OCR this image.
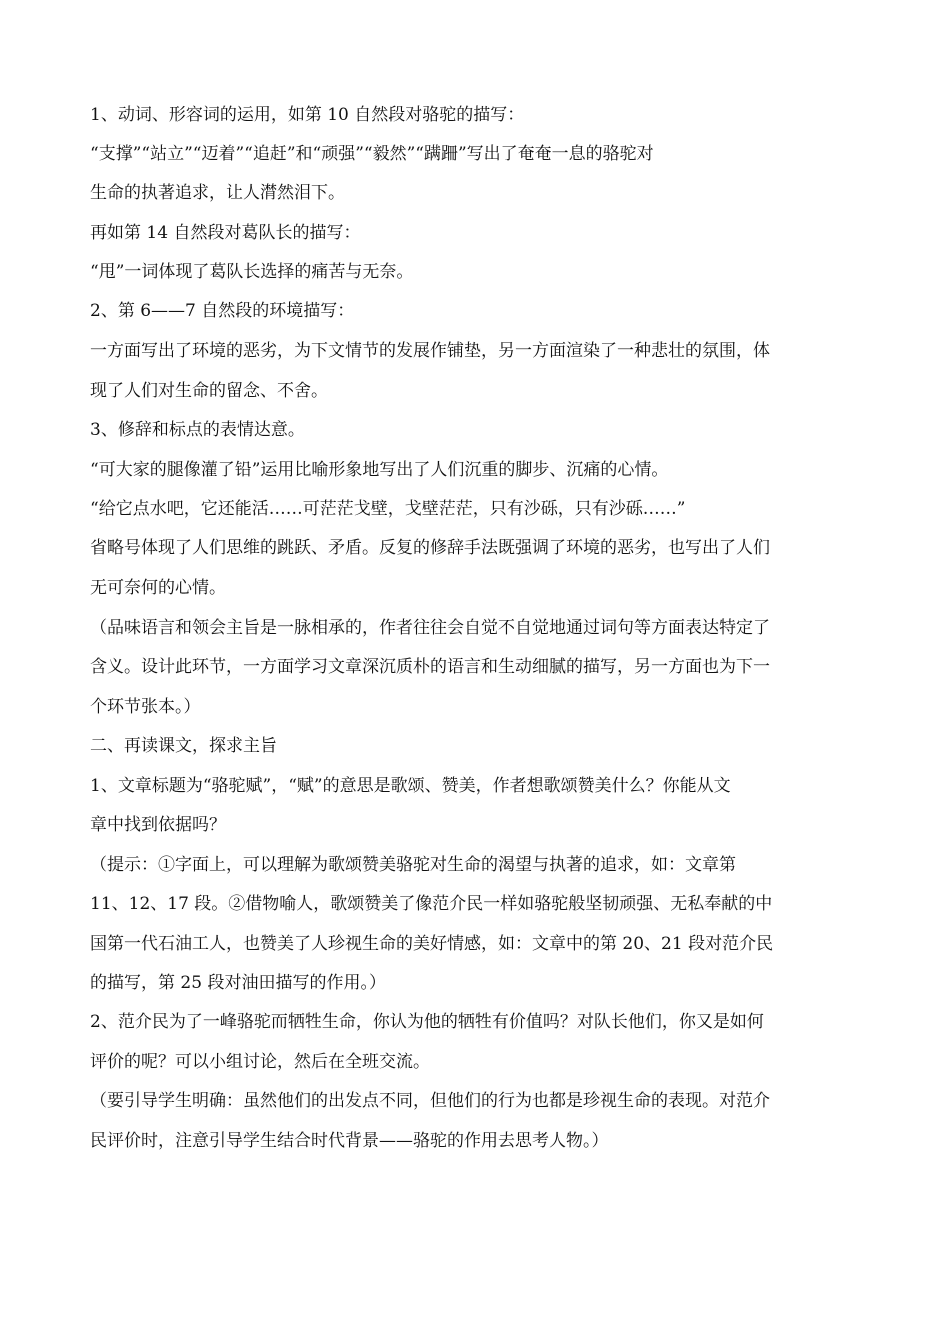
1、动词、形容词的运用，如第 10 自然段对骆驼的描写：
“支撑”“站立”“迈着”“追赶”和“顽强”“毅然”“蹒跚”写出了奄奄一息的骆驼对
生命的执著追求，让人潸然泪下。
再如第 14 自然段对葛队长的描写：
“甩”一词体现了葛队长选择的痛苦与无奈。
2、第 6——7 自然段的环境描写：
一方面写出了环境的恶劣，为下文情节的发展作铺垫，另一方面渲染了一种悲壮的氛围，体
现了人们对生命的留念、不舍。
3、修辞和标点的表情达意。
“可大家的腿像灌了铅”运用比喻形象地写出了人们沉重的脚步、沉痛的心情。
“给它点水吧，它还能活……可茫茫戈壁，戈壁茫茫，只有沙砾，只有沙砾……”
省略号体现了人们思维的跳跃、矛盾。反复的修辞手法既强调了环境的恶劣，也写出了人们
无可奈何的心情。
（品味语言和领会主旨是一脉相承的，作者往往会自觉不自觉地通过词句等方面表达特定了
含义。设计此环节，一方面学习文章深沉质朴的语言和生动细腻的描写，另一方面也为下一
个环节张本。）
二、再读课文，探求主旨
1、文章标题为“骆驼赋”，“赋”的意思是歌颂、赞美，作者想歌颂赞美什么？你能从文
章中找到依据吗？
（提示：①字面上，可以理解为歌颂赞美骆驼对生命的渴望与执著的追求，如：文章第
11、12、17 段。②借物喻人，歌颂赞美了像范介民一样如骆驼般坚韧顽强、无私奉献的中
国第一代石油工人，也赞美了人珍视生命的美好情感，如：文章中的第 20、21 段对范介民
的描写，第 25 段对油田描写的作用。）
2、范介民为了一峰骆驼而牺牲生命，你认为他的牺牲有价值吗？对队长他们，你又是如何
评价的呢？可以小组讨论，然后在全班交流。
（要引导学生明确：虽然他们的出发点不同，但他们的行为也都是珍视生命的表现。对范介
民评价时，注意引导学生结合时代背景——骆驼的作用去思考人物。）
